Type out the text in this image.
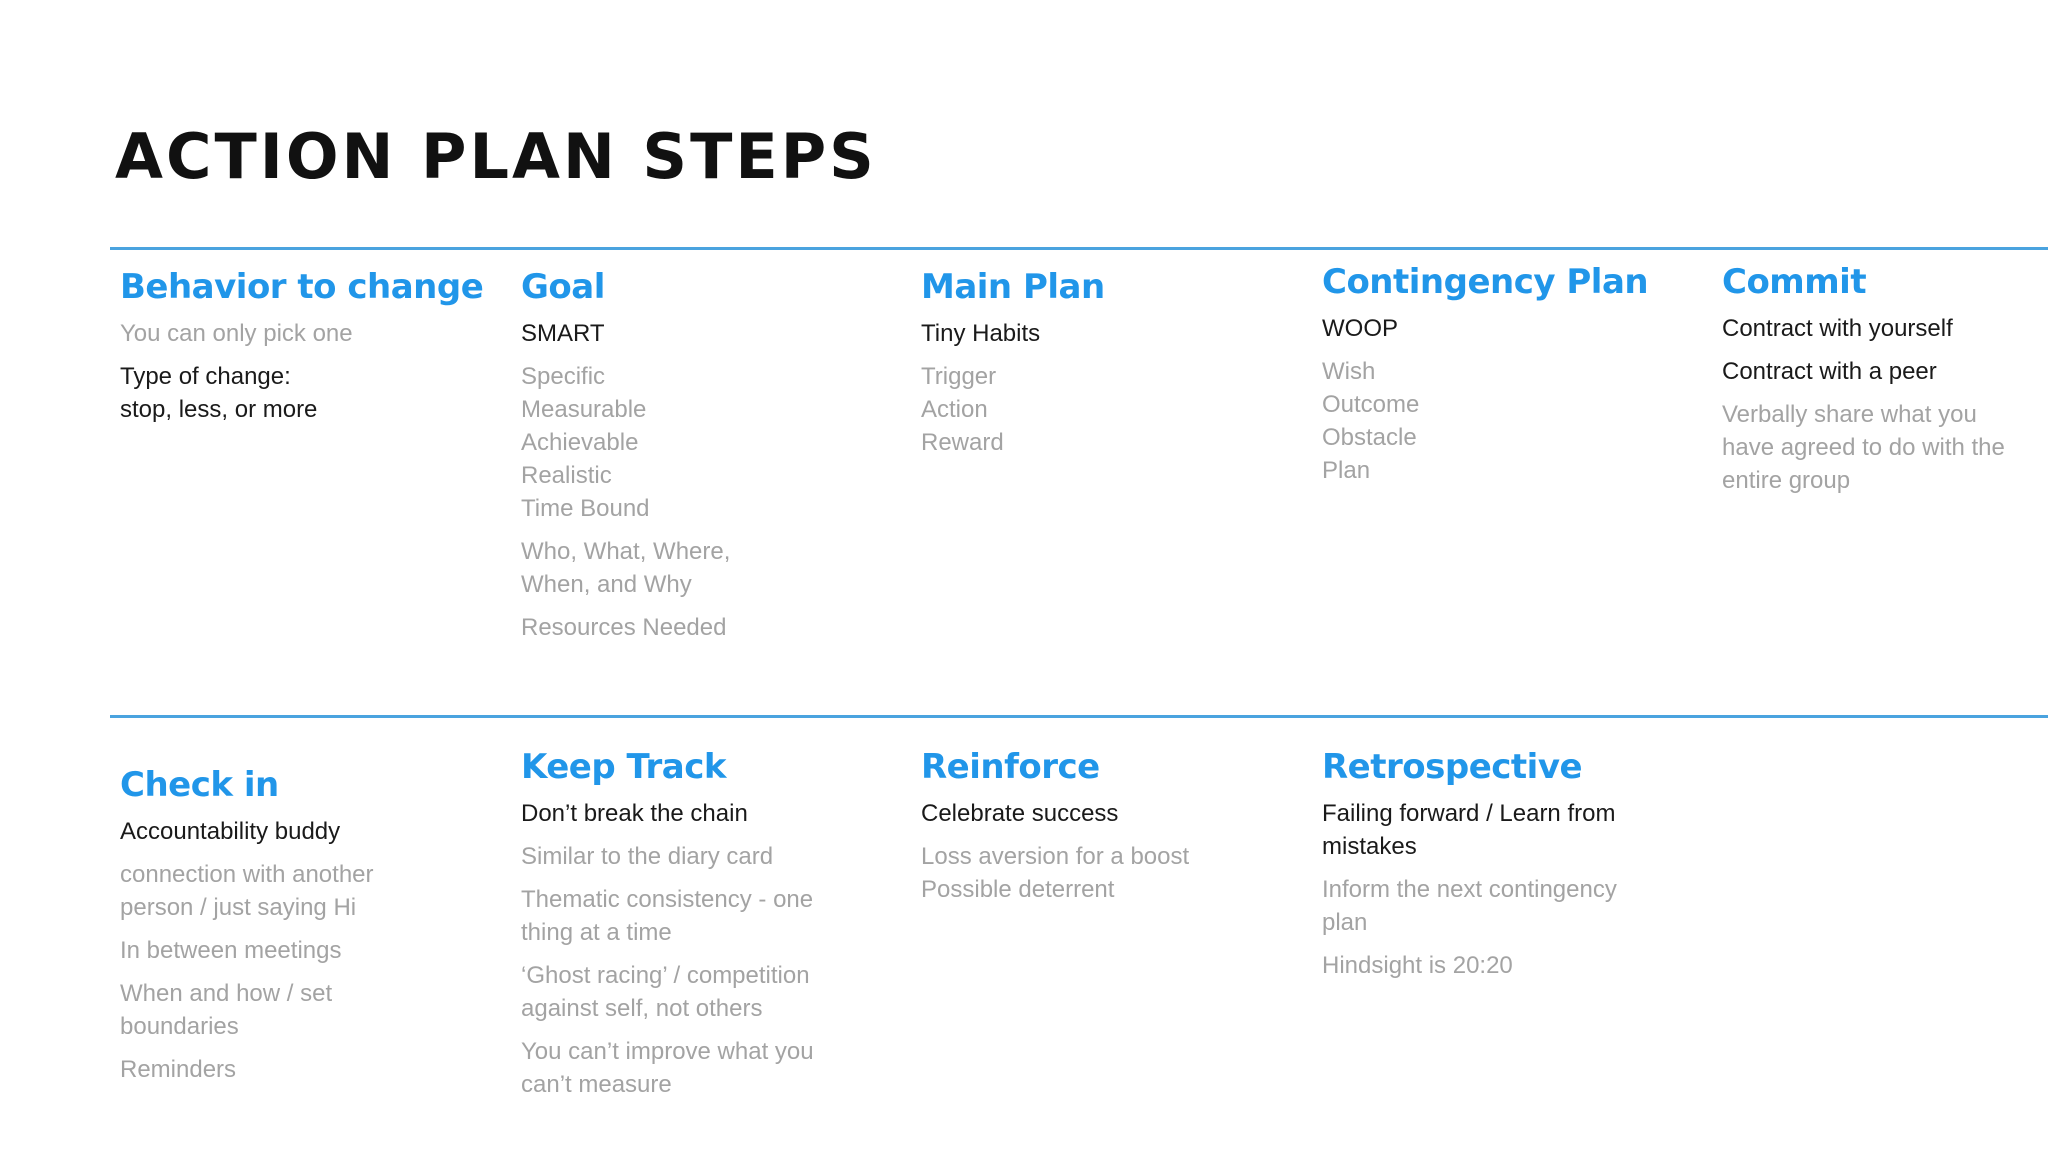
ACTION PLAN STEPS
Behavior to change

You can only pick one

Type of change:
stop, less, or more

Goal

SMART

Specific
Measurable
Achievable
Realistic
Time Bound

Who, What, Where,
When, and Why

Resources Needed

Main Plan

Tiny Habits

Trigger
Action
Reward

Contingency Plan

WOOP

Wish
Outcome
Obstacle
Plan

Commit

Contract with yourself

Contract with a peer

Verbally share what you
have agreed to do with the
entire group

Check in

Accountability buddy

connection with another
person / just saying Hi

In between meetings

When and how / set
boundaries

Reminders

Keep Track

Don’t break the chain

Similar to the diary card

Thematic consistency - one
thing at a time

‘Ghost racing’ / competition
against self, not others

You can’t improve what you
can’t measure

Reinforce

Celebrate success

Loss aversion for a boost
Possible deterrent

Retrospective

Failing forward / Learn from
mistakes

Inform the next contingency
plan

Hindsight is 20:20
